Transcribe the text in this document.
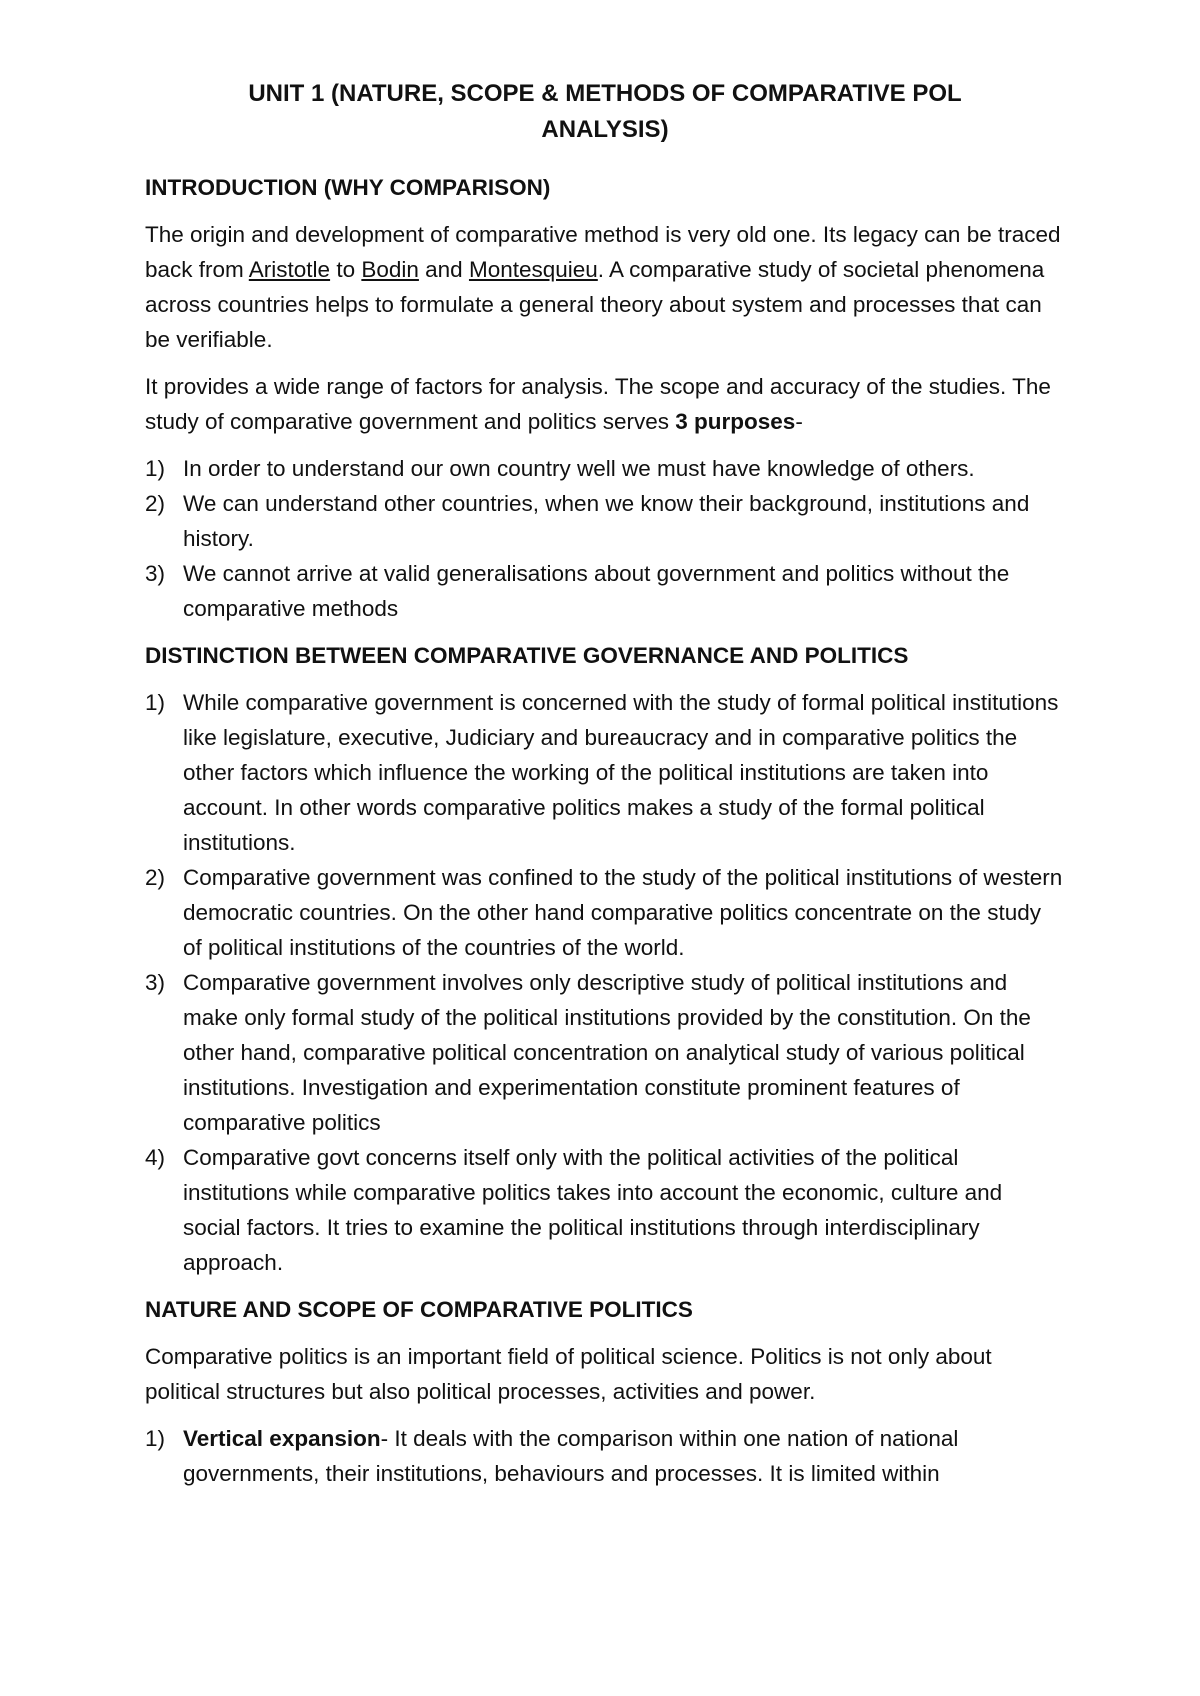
UNIT 1 (NATURE, SCOPE & METHODS OF COMPARATIVE POL
ANALYSIS)
INTRODUCTION (WHY COMPARISON)

The origin and development of comparative method is very old one. Its legacy can be traced back from Aristotle to Bodin and Montesquieu. A comparative study of societal phenomena across countries helps to formulate a general theory about system and processes that can be verifiable.

It provides a wide range of factors for analysis. The scope and accuracy of the studies. The study of comparative government and politics serves 3 purposes-

1) In order to understand our own country well we must have knowledge of others.
2) We can understand other countries, when we know their background, institutions and history.
3) We cannot arrive at valid generalisations about government and politics without the comparative methods
DISTINCTION BETWEEN COMPARATIVE GOVERNANCE AND POLITICS
1) While comparative government is concerned with the study of formal political institutions like legislature, executive, Judiciary and bureaucracy and in comparative politics the other factors which influence the working of the political institutions are taken into account. In other words comparative politics makes a study of the formal political institutions.
2) Comparative government was confined to the study of the political institutions of western democratic countries. On the other hand comparative politics concentrate on the study of political institutions of the countries of the world.
3) Comparative government involves only descriptive study of political institutions and make only formal study of the political institutions provided by the constitution. On the other hand, comparative political concentration on analytical study of various political institutions. Investigation and experimentation constitute prominent features of comparative politics
4) Comparative govt concerns itself only with the political activities of the political institutions while comparative politics takes into account the economic, culture and social factors. It tries to examine the political institutions through interdisciplinary approach.
NATURE AND SCOPE OF COMPARATIVE POLITICS

Comparative politics is an important field of political science. Politics is not only about political structures but also political processes, activities and power.

1) Vertical expansion- It deals with the comparison within one nation of national governments, their institutions, behaviours and processes. It is limited within
